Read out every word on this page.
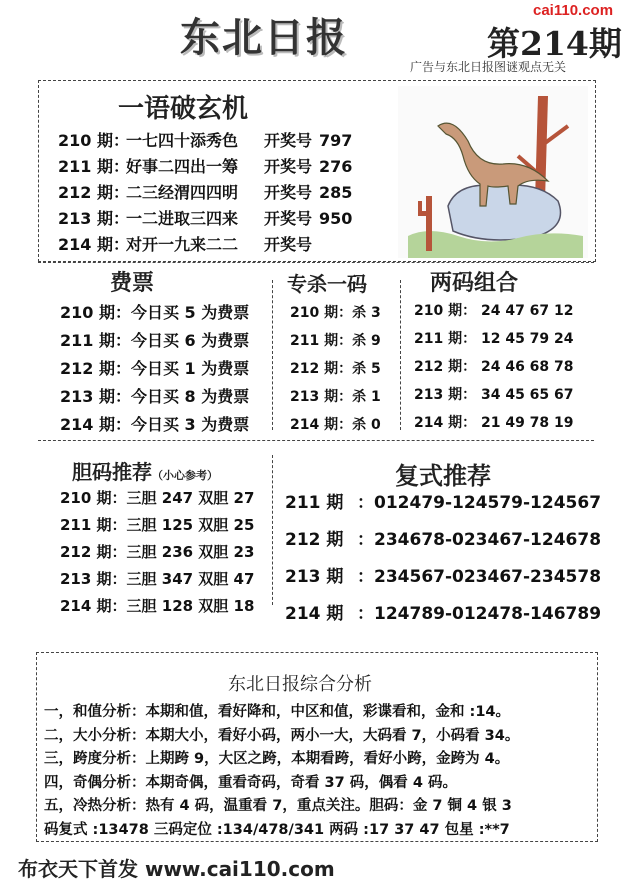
东北日报
cai110.com
第214期
广告与东北日报图谜观点无关
一语破玄机
210 期：一七四十添秀色 开奖号 797
211 期：好事二四出一筹 开奖号 276
212 期：二三经渭四四明 开奖号 285
213 期：一二进取三四来 开奖号 950
214 期：对开一九来二二 开奖号
费票	专杀一码	两码组合
210 期：今日买 5 为费票
211 期：今日买 6 为费票
212 期：今日买 1 为费票
213 期：今日买 8 为费票
214 期：今日买 3 为费票
210 期：杀 3
211 期：杀 9
212 期：杀 5
213 期：杀 1
214 期：杀 0
210 期： 24 47 67 12
211 期： 12 45 79 24
212 期： 24 46 68 78
213 期： 34 45 65 67
214 期： 21 49 78 19
胆码推荐（小心参考）	复式推荐
210 期：三胆 247 双胆 27
211 期：三胆 125 双胆 25
212 期：三胆 236 双胆 23
213 期：三胆 347 双胆 47
214 期：三胆 128 双胆 18
211 期 ：012479-124579-124567
212 期 ：234678-023467-124678
213 期 ：234567-023467-234578
214 期 ：124789-012478-146789
东北日报综合分析
一，和值分析：本期和值，看好降和，中区和值，彩谍看和，金和 :14。
二，大小分析：本期大小，看好小码，两小一大，大码看 7，小码看 34。
三，跨度分析：上期跨 9，大区之跨，本期看跨，看好小跨，金跨为 4。
四，奇偶分析：本期奇偶，重看奇码，奇看 37 码，偶看 4 码。
五，冷热分析：热有 4 码，温重看 7，重点关注。胆码：金 7 铜 4 银 3
码复式 :13478 三码定位 :134/478/341 两码 :17 37 47 包星 :**7
布衣天下首发 www.cai110.com
